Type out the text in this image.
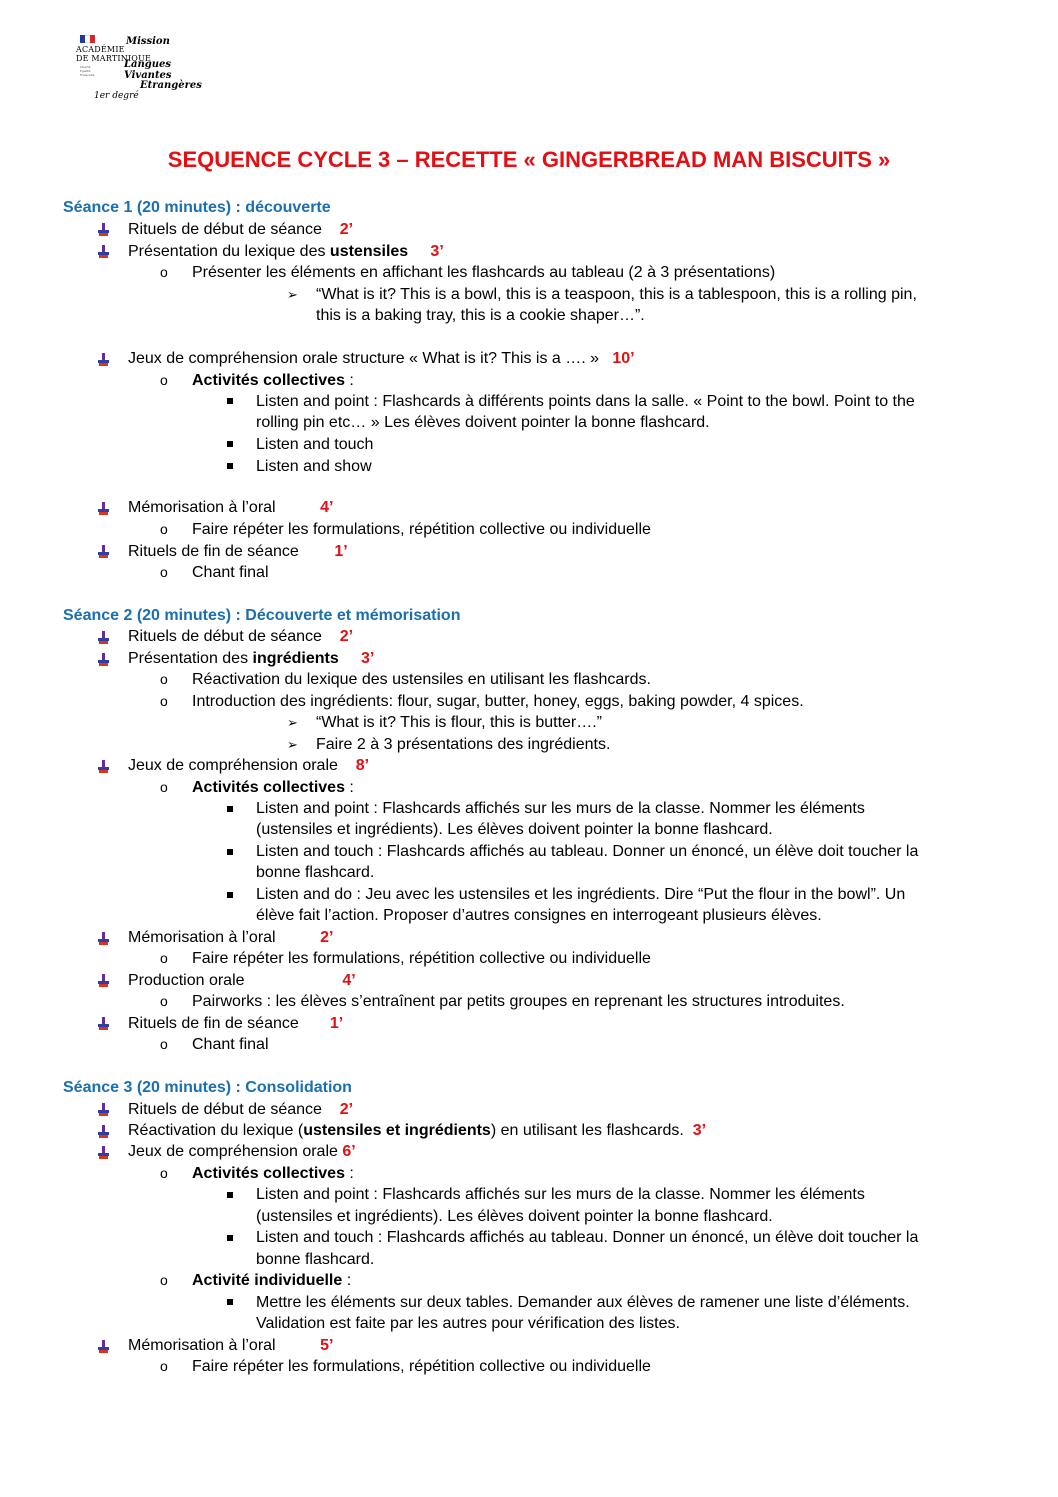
ACADÉMIE
DE MARTINIQUE
Liberté
Égalité
Fraternité
Mission
Langues Vivantes
Etrangères
1er degré
SEQUENCE CYCLE 3 – RECETTE « GINGERBREAD MAN BISCUITS »
Séance 1 (20 minutes) : découverte
Rituels de début de séance 2’
Présentation du lexique des ustensiles 3’
o Présenter les éléments en affichant les flashcards au tableau (2 à 3 présentations)
➢ “What is it? This is a bowl, this is a teaspoon, this is a tablespoon, this is a rolling pin,
this is a baking tray, this is a cookie shaper…”.
Jeux de compréhension orale structure « What is it? This is a …. » 10’
o Activités collectives :
Listen and point : Flashcards à différents points dans la salle. « Point to the bowl. Point to the
rolling pin etc… » Les élèves doivent pointer la bonne flashcard.
Listen and touch
Listen and show
Mémorisation à l’oral	4’
o Faire répéter les formulations, répétition collective ou individuelle
Rituels de fin de séance 1’
o Chant final
Séance 2 (20 minutes) : Découverte et mémorisation
Rituels de début de séance 2’
Présentation des ingrédients 3’
o Réactivation du lexique des ustensiles en utilisant les flashcards.
o Introduction des ingrédients: flour, sugar, butter, honey, eggs, baking powder, 4 spices.
➢ “What is it? This is flour, this is butter….”
➢ Faire 2 à 3 présentations des ingrédients.
Jeux de compréhension orale 8’
o Activités collectives :
Listen and point : Flashcards affichés sur les murs de la classe. Nommer les éléments
(ustensiles et ingrédients). Les élèves doivent pointer la bonne flashcard.
Listen and touch : Flashcards affichés au tableau. Donner un énoncé, un élève doit toucher la
bonne flashcard.
Listen and do : Jeu avec les ustensiles et les ingrédients. Dire “Put the flour in the bowl”. Un
élève fait l’action. Proposer d’autres consignes en interrogeant plusieurs élèves.
Mémorisation à l’oral	2’
o Faire répéter les formulations, répétition collective ou individuelle
Production orale	4’
o Pairworks : les élèves s’entraînent par petits groupes en reprenant les structures introduites.
Rituels de fin de séance 1’
o Chant final
Séance 3 (20 minutes) : Consolidation
Rituels de début de séance 2’
Réactivation du lexique (ustensiles et ingrédients) en utilisant les flashcards. 3’
Jeux de compréhension orale 6’
o Activités collectives :
Listen and point : Flashcards affichés sur les murs de la classe. Nommer les éléments
(ustensiles et ingrédients). Les élèves doivent pointer la bonne flashcard.
Listen and touch : Flashcards affichés au tableau. Donner un énoncé, un élève doit toucher la
bonne flashcard.
o Activité individuelle :
Mettre les éléments sur deux tables. Demander aux élèves de ramener une liste d’éléments.
Validation est faite par les autres pour vérification des listes.
Mémorisation à l’oral	5’
o Faire répéter les formulations, répétition collective ou individuelle
